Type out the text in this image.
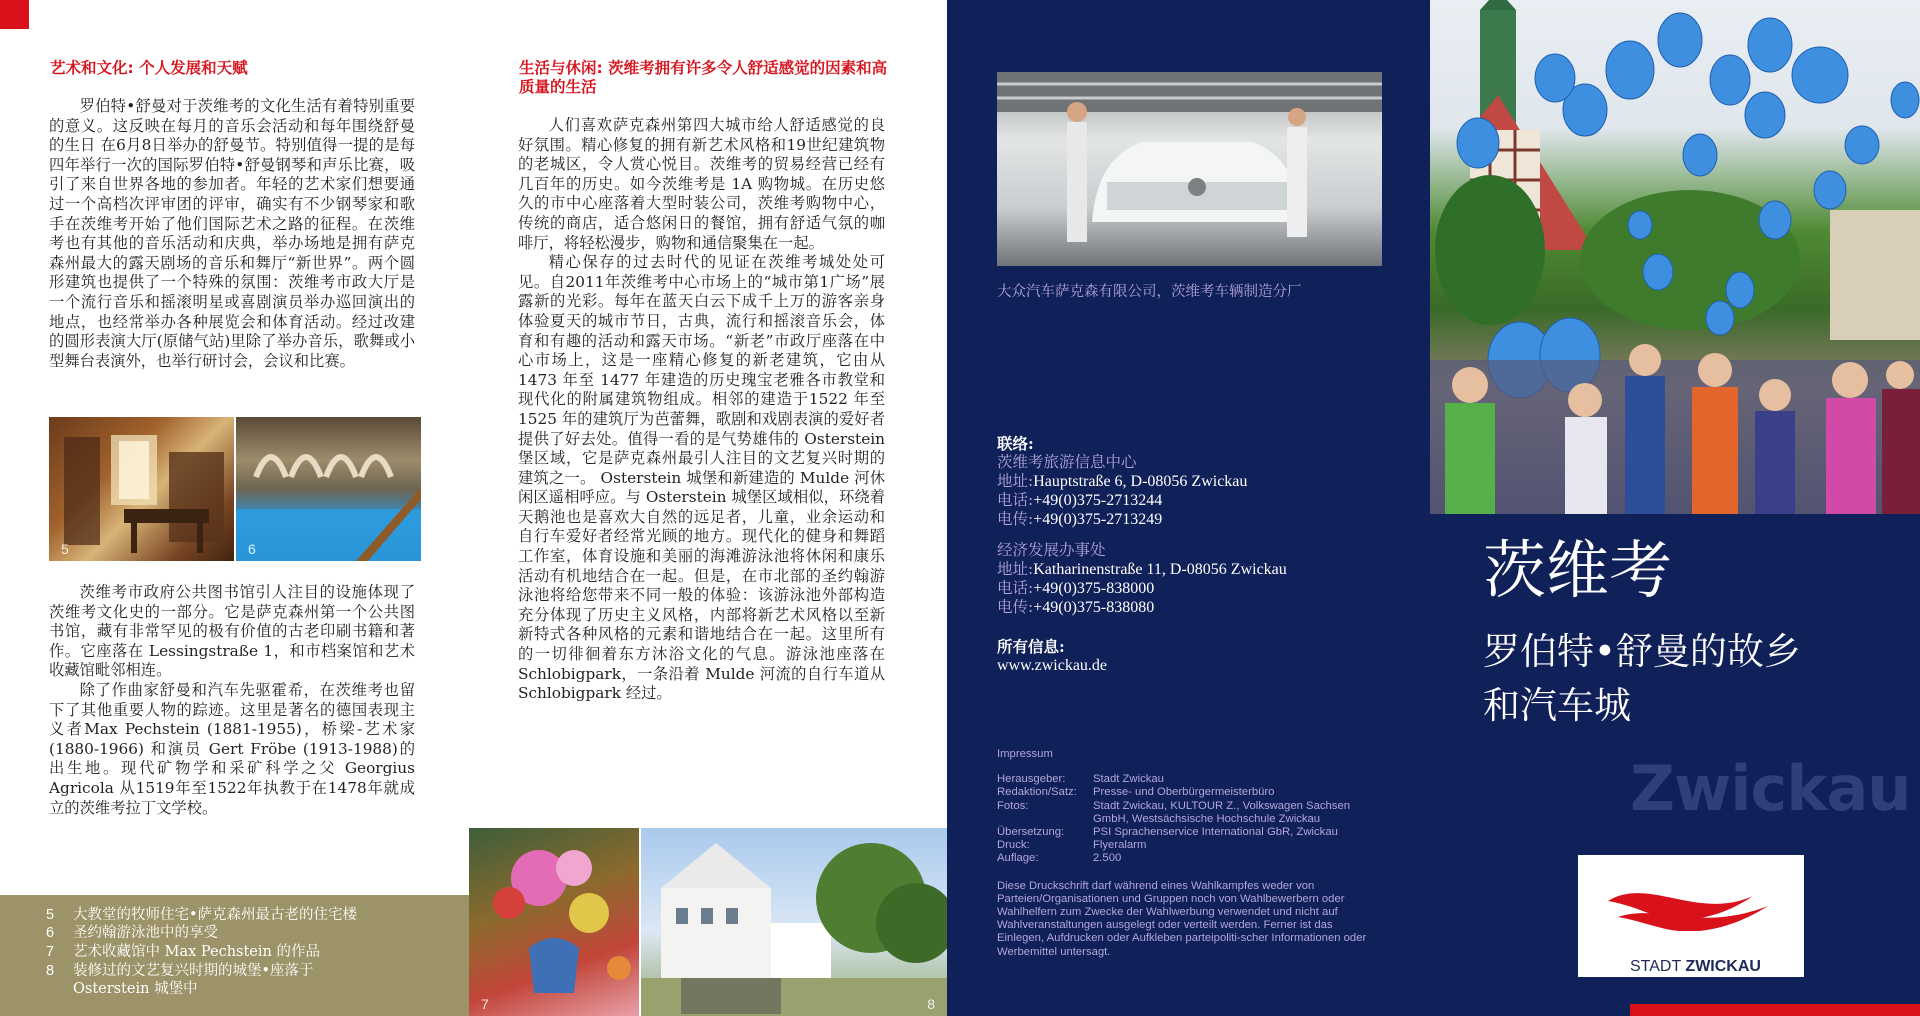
艺术和文化: 个人发展和天赋

罗伯特•舒曼对于茨维考的文化生活有着特别重要的意义。这反映在每月的音乐会活动和每年围绕舒曼的生日 在6月8日举办的舒曼节。特别值得一提的是每四年举行一次的国际罗伯特•舒曼钢琴和声乐比赛，吸引了来自世界各地的参加者。年轻的艺术家们想要通过一个高档次评审团的评审，确实有不少钢琴家和歌手在茨维考开始了他们国际艺术之路的征程。在茨维考也有其他的音乐活动和庆典，举办场地是拥有萨克森州最大的露天剧场的音乐和舞厅“新世界”。两个圆形建筑也提供了一个特殊的氛围：茨维考市政大厅是一个流行音乐和摇滚明星或喜剧演员举办巡回演出的地点，也经常举办各种展览会和体育活动。经过改建的圆形表演大厅(原储气站)里除了举办音乐，歌舞或小型舞台表演外，也举行研讨会，会议和比赛。

5	6

茨维考市政府公共图书馆引人注目的设施体现了茨维考文化史的一部分。它是萨克森州第一个公共图书馆，藏有非常罕见的极有价值的古老印刷书籍和著作。它座落在 Lessingstraße 1，和市档案馆和艺术收藏馆毗邻相连。

除了作曲家舒曼和汽车先驱霍希，在茨维考也留下了其他重要人物的踪迹。这里是著名的德国表现主义者Max Pechstein (1881-1955)，桥梁-艺术家(1880-1966) 和演员 Gert Fröbe (1913-1988)的出生地。现代矿物学和采矿科学之父 Georgius Agricola 从1519年至1522年执教于在1478年就成立的茨维考拉丁文学校。

5	大教堂的牧师住宅•萨克森州最古老的住宅楼
6	圣约翰游泳池中的享受
7	艺术收藏馆中 Max Pechstein 的作品
8	装修过的文艺复兴时期的城堡•座落于
Osterstein 城堡中
生活与休闲: 茨维考拥有许多令人舒适感觉的因素和高质量的生活

人们喜欢萨克森州第四大城市给人舒适感觉的良好氛围。精心修复的拥有新艺术风格和19世纪建筑物的老城区，令人赏心悦目。茨维考的贸易经营已经有几百年的历史。如今茨维考是 1A 购物城。在历史悠久的市中心座落着大型时装公司，茨维考购物中心，传统的商店，适合悠闲日的餐馆，拥有舒适气氛的咖啡厅，将轻松漫步，购物和通信聚集在一起。

精心保存的过去时代的见证在茨维考城处处可见。自2011年茨维考中心市场上的“城市第1广场”展露新的光彩。每年在蓝天白云下成千上万的游客亲身体验夏天的城市节日，古典，流行和摇滚音乐会，体育和有趣的活动和露天市场。“新老”市政厅座落在中心市场上，这是一座精心修复的新老建筑，它由从1473 年至 1477 年建造的历史瑰宝老雅各市教堂和现代化的附属建筑物组成。相邻的建造于1522 年至1525 年的建筑厅为芭蕾舞，歌剧和戏剧表演的爱好者提供了好去处。值得一看的是气势雄伟的 Osterstein 堡区域，它是萨克森州最引人注目的文艺复兴时期的建筑之一。 Osterstein 城堡和新建造的 Mulde 河休闲区遥相呼应。与 Osterstein 城堡区域相似，环绕着天鹅池也是喜欢大自然的远足者，儿童，业余运动和自行车爱好者经常光顾的地方。现代化的健身和舞蹈工作室，体育设施和美丽的海滩游泳池将休闲和康乐活动有机地结合在一起。但是，在市北部的圣约翰游泳池将给您带来不同一般的体验：该游泳池外部构造充分体现了历史主义风格，内部将新艺术风格以至新新特式各种风格的元素和谐地结合在一起。这里所有的一切徘徊着东方沐浴文化的气息。游泳池座落在Schlobigpark，一条沿着 Mulde 河流的自行车道从 Schlobigpark 经过。

7	8
大众汽车萨克森有限公司，茨维考车辆制造分厂
联络:
茨维考旅游信息中心
地址:Hauptstraße 6, D-08056 Zwickau
电话:+49(0)375-2713244
电传:+49(0)375-2713249
经济发展办事处
地址:Katharinenstraße 11, D-08056 Zwickau
电话:+49(0)375-838000
电传:+49(0)375-838080
所有信息:
www.zwickau.de
Impressum
Herausgeber: Stadt Zwickau
Redaktion/Satz: Presse- und Oberbürgermeisterbüro
Fotos:	Stadt Zwickau, KULTOUR Z., Volkswagen Sachsen
GmbH, Westsächsische Hochschule Zwickau
Übersetzung:	PSI Sprachenservice International GbR, Zwickau
Druck:	Flyeralarm
Auflage:	2.500
Diese Druckschrift darf während eines Wahlkampfes weder von Parteien/Organisationen und Gruppen noch von Wahlbewerbern oder Wahlhelfern zum Zwecke der Wahlwerbung verwendet und nicht auf Wahlveranstaltungen ausgelegt oder verteilt werden. Ferner ist das Einlegen, Aufdrucken oder Aufkleben parteipoliti-scher Informationen oder Werbemittel untersagt.
茨维考
罗伯特•舒曼的故乡
和汽车城
Zwickau
STADT ZWICKAU
